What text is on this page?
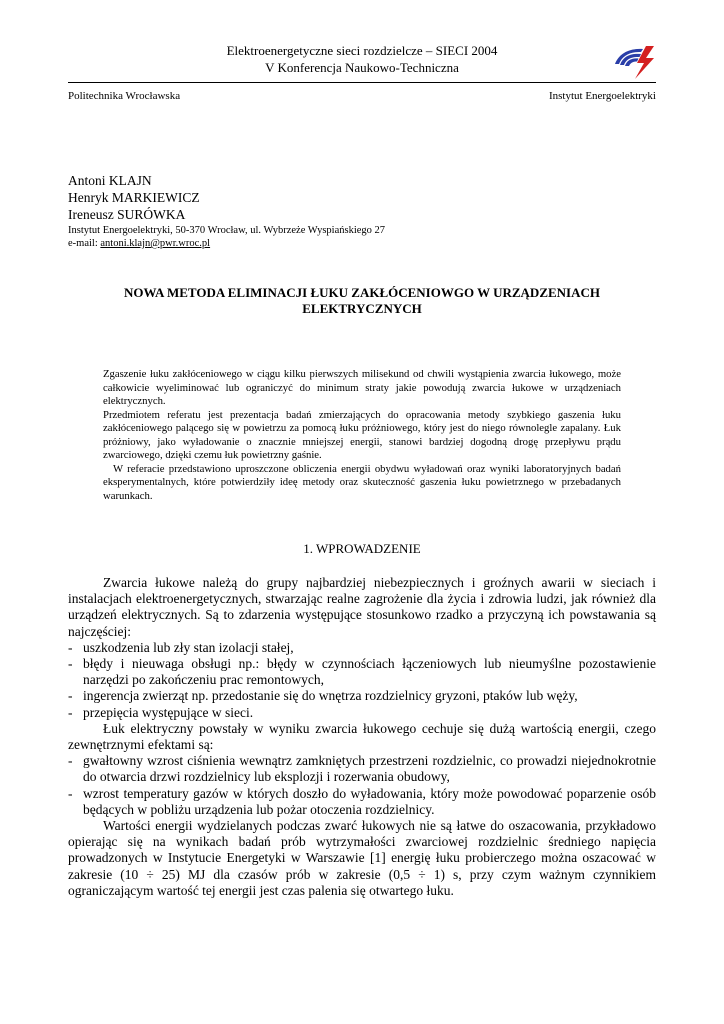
Elektroenergetyczne sieci rozdzielcze – SIECI 2004
V Konferencja Naukowo-Techniczna
Politechnika Wrocławska	Instytut Energoelektryki
Antoni KLAJN
Henryk MARKIEWICZ
Ireneusz SURÓWKA
Instytut Energoelektryki, 50-370 Wrocław, ul. Wybrzeże Wyspiańskiego 27
e-mail: antoni.klajn@pwr.wroc.pl
NOWA METODA ELIMINACJI ŁUKU ZAKŁÓCENIOWGO W URZĄDZENIACH
ELEKTRYCZNYCH

Zgaszenie łuku zakłóceniowego w ciągu kilku pierwszych milisekund od chwili wystąpienia zwarcia łukowego, może całkowicie wyeliminować lub ograniczyć do minimum straty jakie powodują zwarcia łukowe w urządzeniach elektrycznych.

Przedmiotem referatu jest prezentacja badań zmierzających do opracowania metody szybkiego gaszenia łuku zakłóceniowego palącego się w powietrzu za pomocą łuku próżniowego, który jest do niego równolegle zapalany. Łuk próżniowy, jako wyładowanie o znacznie mniejszej energii, stanowi bardziej dogodną drogę przepływu prądu zwarciowego, dzięki czemu łuk powietrzny gaśnie.

W referacie przedstawiono uproszczone obliczenia energii obydwu wyładowań oraz wyniki laboratoryjnych badań eksperymentalnych, które potwierdziły ideę metody oraz skuteczność gaszenia łuku powietrznego w przebadanych warunkach.

1. WPROWADZENIE

Zwarcia łukowe należą do grupy najbardziej niebezpiecznych i groźnych awarii w sieciach i instalacjach elektroenergetycznych, stwarzając realne zagrożenie dla życia i zdrowia ludzi, jak również dla urządzeń elektrycznych. Są to zdarzenia występujące stosunkowo rzadko a przyczyną ich powstawania są najczęściej:

- uszkodzenia lub zły stan izolacji stałej,
- błędy i nieuwaga obsługi np.: błędy w czynnościach łączeniowych lub nieumyślne pozostawienie narzędzi po zakończeniu prac remontowych,
- ingerencja zwierząt np. przedostanie się do wnętrza rozdzielnicy gryzoni, ptaków lub węży,
- przepięcia występujące w sieci.

Łuk elektryczny powstały w wyniku zwarcia łukowego cechuje się dużą wartością energii, czego zewnętrznymi efektami są:

- gwałtowny wzrost ciśnienia wewnątrz zamkniętych przestrzeni rozdzielnic, co prowadzi niejednokrotnie do otwarcia drzwi rozdzielnicy lub eksplozji i rozerwania obudowy,
- wzrost temperatury gazów w których doszło do wyładowania, który może powodować poparzenie osób będących w pobliżu urządzenia lub pożar otoczenia rozdzielnicy.

Wartości energii wydzielanych podczas zwarć łukowych nie są łatwe do oszacowania, przykładowo opierając się na wynikach badań prób wytrzymałości zwarciowej rozdzielnic średniego napięcia prowadzonych w Instytucie Energetyki w Warszawie [1] energię łuku probierczego można oszacować w zakresie (10 ÷ 25) MJ dla czasów prób w zakresie (0,5 ÷ 1) s, przy czym ważnym czynnikiem ograniczającym wartość tej energii jest czas palenia się otwartego łuku.
